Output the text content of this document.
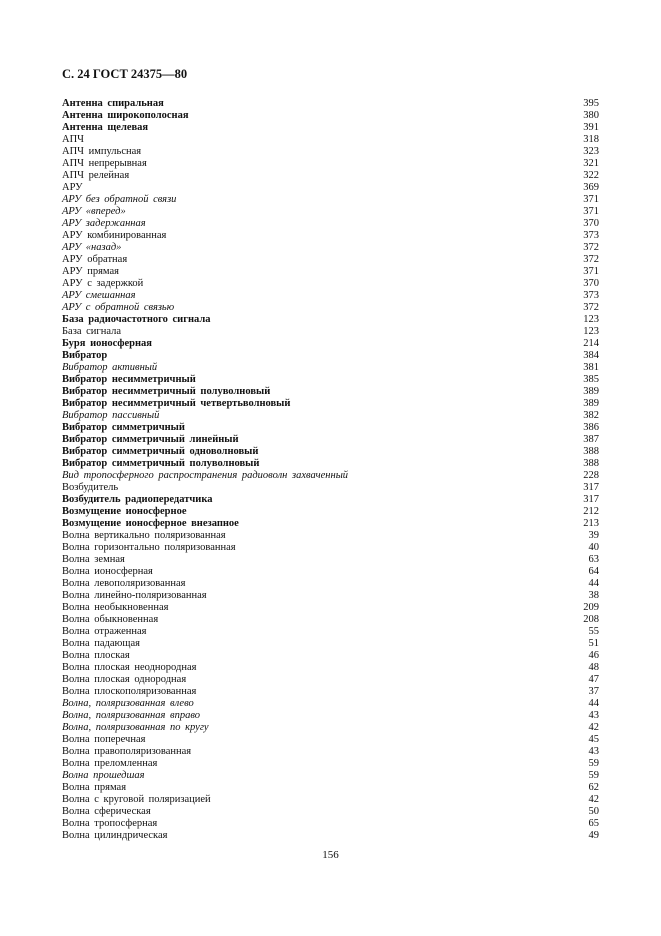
С. 24 ГОСТ 24375—80
Антенна спиральная	395
Антенна широкополосная	380
Антенна щелевая	391
АПЧ	318
АПЧ импульсная	323
АПЧ непрерывная	321
АПЧ релейная	322
АРУ	369
АРУ без обратной связи	371
АРУ «вперед»	371
АРУ задержанная	370
АРУ комбинированная	373
АРУ «назад»	372
АРУ обратная	372
АРУ прямая	371
АРУ с задержкой	370
АРУ смешанная	373
АРУ с обратной связью	372
База радиочастотного сигнала	123
База сигнала	123
Буря ионосферная	214
Вибратор	384
Вибратор активный	381
Вибратор несимметричный	385
Вибратор несимметричный полуволновый	389
Вибратор несимметричный четвертьволновый	389
Вибратор пассивный	382
Вибратор симметричный	386
Вибратор симметричный линейный	387
Вибратор симметричный одноволновый	388
Вибратор симметричный полуволновый	388
Вид тропосферного распространения радиоволн захваченный	228
Возбудитель	317
Возбудитель радиопередатчика	317
Возмущение ионосферное	212
Возмущение ионосферное внезапное	213
Волна вертикально поляризованная	39
Волна горизонтально поляризованная	40
Волна земная	63
Волна ионосферная	64
Волна левополяризованная	44
Волна линейно-поляризованная	38
Волна необыкновенная	209
Волна обыкновенная	208
Волна отраженная	55
Волна падающая	51
Волна плоская	46
Волна плоская неоднородная	48
Волна плоская однородная	47
Волна плоскополяризованная	37
Волна, поляризованная влево	44
Волна, поляризованная вправо	43
Волна, поляризованная по кругу	42
Волна поперечная	45
Волна правополяризованная	43
Волна преломленная	59
Волна прошедшая	59
Волна прямая	62
Волна с круговой поляризацией	42
Волна сферическая	50
Волна тропосферная	65
Волна цилиндрическая	49
156
